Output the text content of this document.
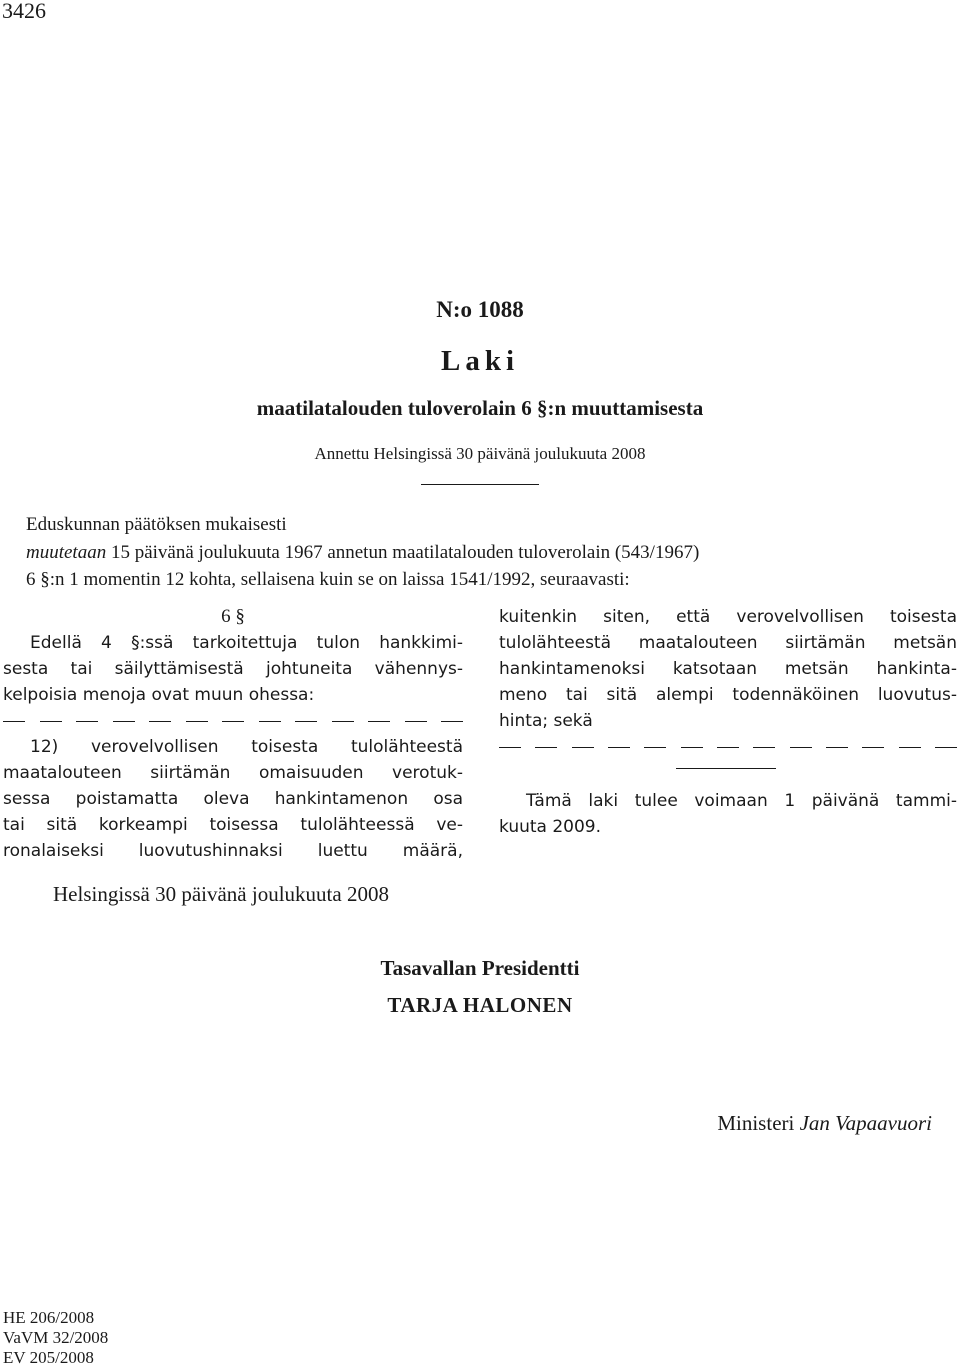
3426
N:o 1088
Laki
maatilatalouden tuloverolain 6 §:n muuttamisesta
Annettu Helsingissä 30 päivänä joulukuuta 2008
Eduskunnan päätöksen mukaisesti
muutetaan 15 päivänä joulukuuta 1967 annetun maatilatalouden tuloverolain (543/1967)
6 §:n 1 momentin 12 kohta, sellaisena kuin se on laissa 1541/1992, seuraavasti:
6 §
Edellä 4 §:ssä tarkoitettuja tulon hankkimi-
sesta tai säilyttämisestä johtuneita vähennys-
kelpoisia menoja ovat muun ohessa:
12) verovelvollisen toisesta tulolähteestä
maatalouteen siirtämän omaisuuden verotuk-
sessa poistamatta oleva hankintamenon osa
tai sitä korkeampi toisessa tulolähteessä ve-
ronalaiseksi luovutushinnaksi luettu määrä,
kuitenkin siten, että verovelvollisen toisesta
tulolähteestä maatalouteen siirtämän metsän
hankintamenoksi katsotaan metsän hankinta-
meno tai sitä alempi todennäköinen luovutus-
hinta; sekä
Tämä laki tulee voimaan 1 päivänä tammi-
kuuta 2009.
Helsingissä 30 päivänä joulukuuta 2008
Tasavallan Presidentti
TARJA HALONEN
Ministeri Jan Vapaavuori
HE 206/2008
VaVM 32/2008
EV 205/2008
